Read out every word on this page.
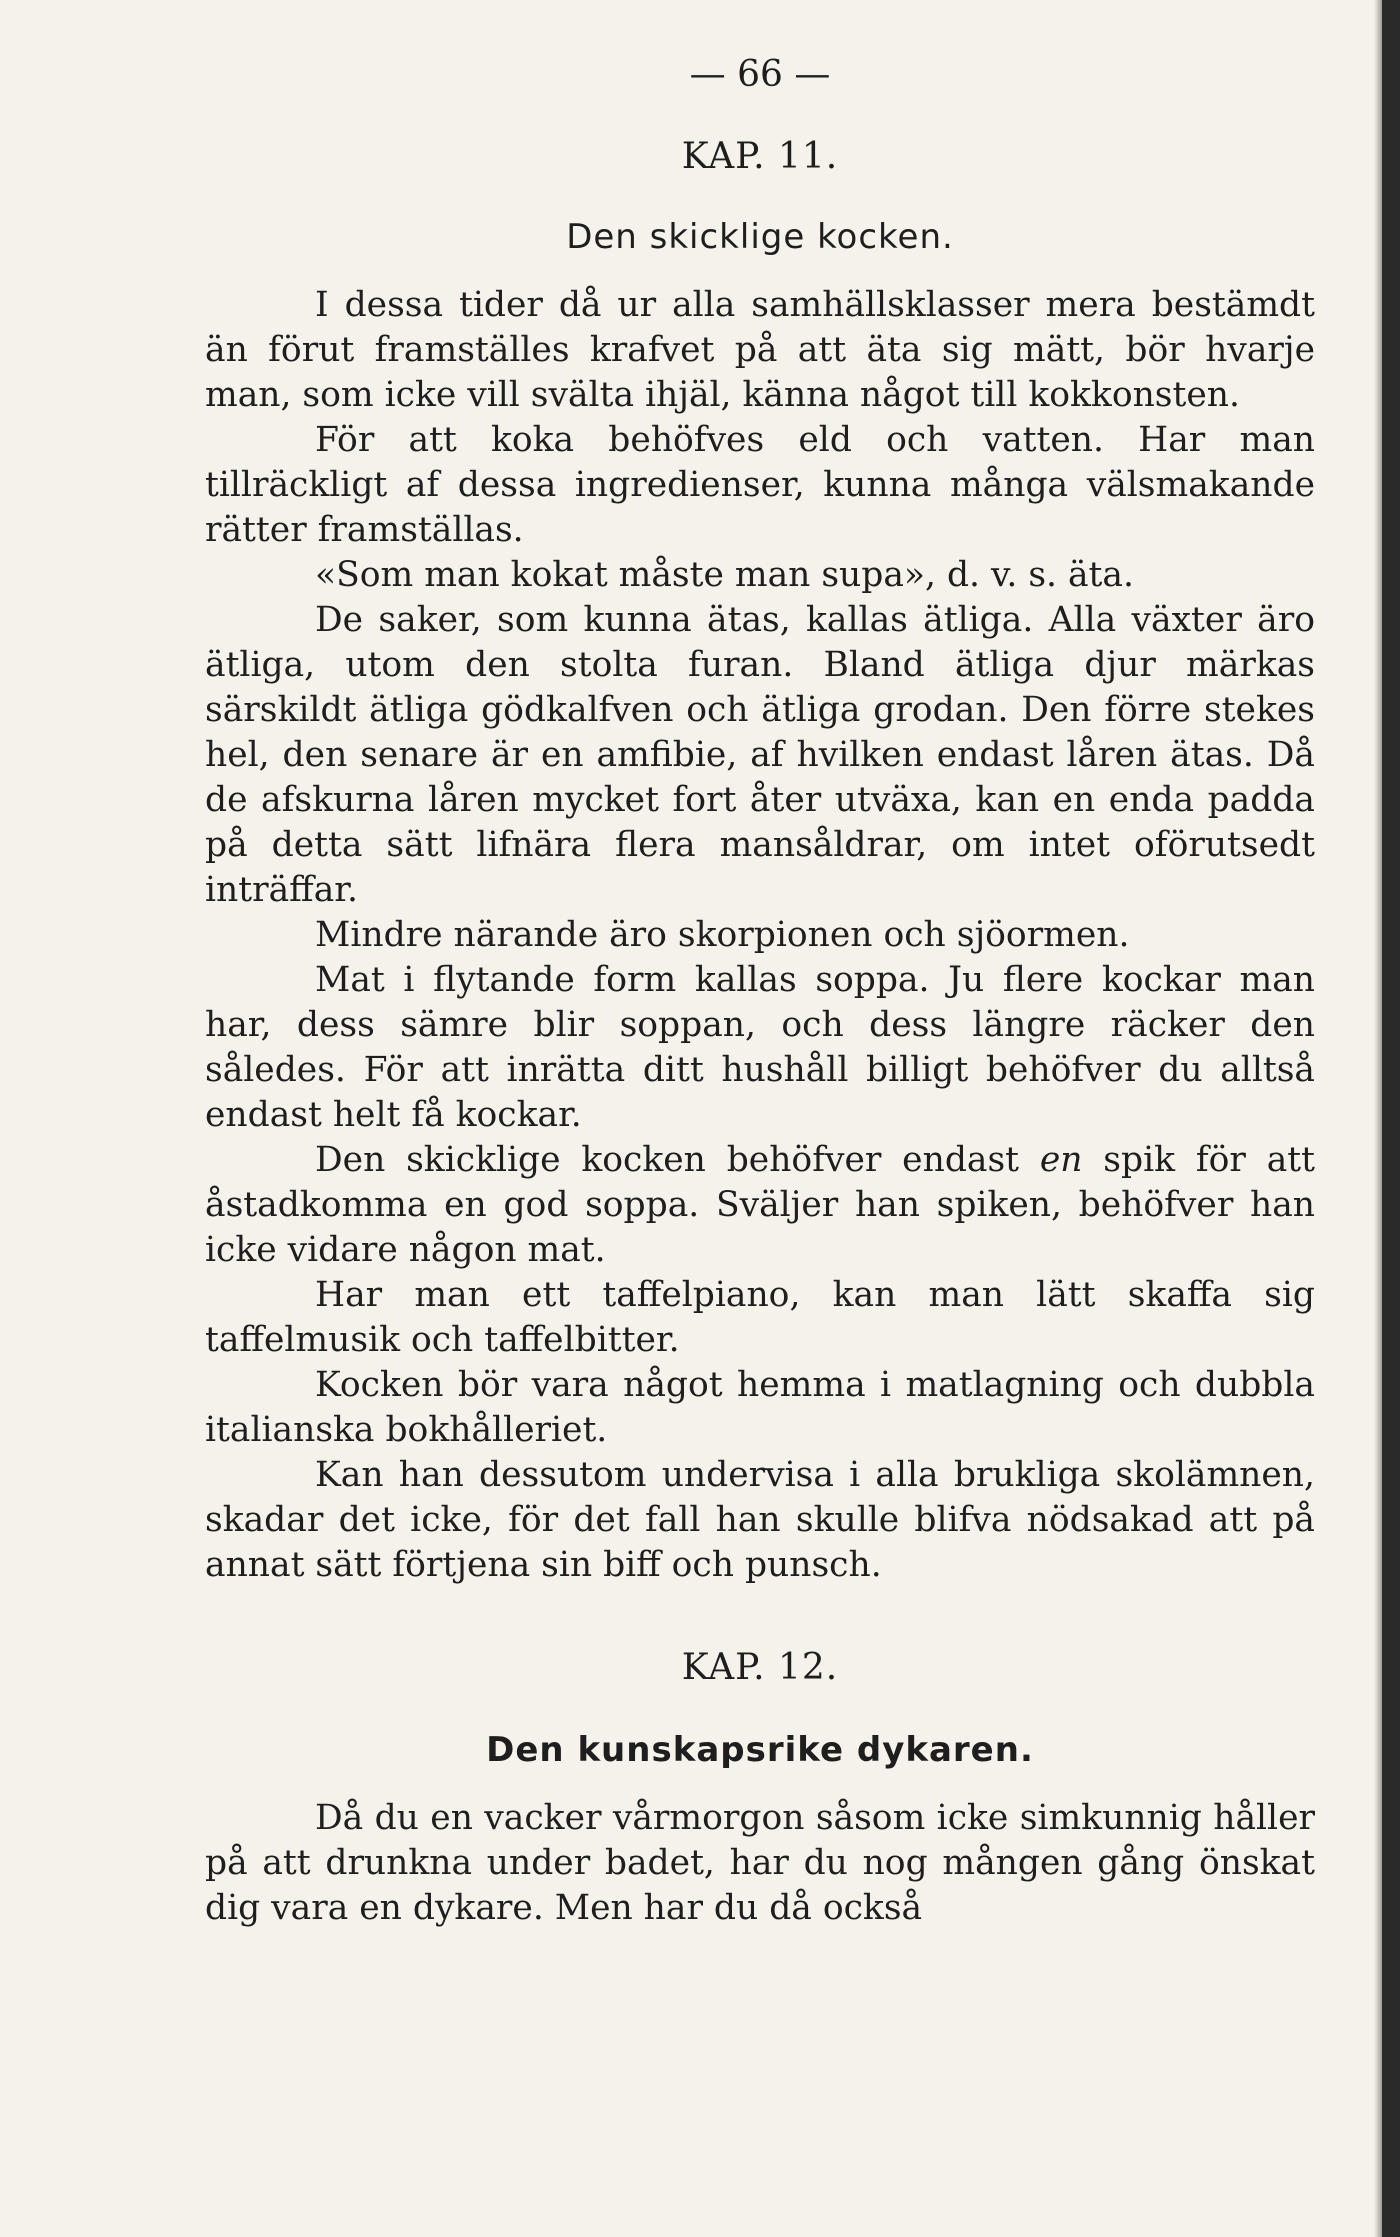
— 66 —
KAP. 11.
Den skicklige kocken.

I dessa tider då ur alla samhällsklasser mera bestämdt än förut framställes krafvet på att äta sig mätt, bör hvarje man, som icke vill svälta ihjäl, känna något till kokkonsten.

För att koka behöfves eld och vatten. Har man tillräckligt af dessa ingredienser, kunna många välsmakande rätter framställas.

«Som man kokat måste man supa», d. v. s. äta.

De saker, som kunna ätas, kallas ätliga. Alla växter äro ätliga, utom den stolta furan. Bland ätliga djur märkas särskildt ätliga gödkalfven och ätliga grodan. Den förre stekes hel, den senare är en amfibie, af hvilken endast låren ätas. Då de afskurna låren mycket fort åter utväxa, kan en enda padda på detta sätt lifnära flera mansåldrar, om intet oförutsedt inträffar.

Mindre närande äro skorpionen och sjöormen.

Mat i flytande form kallas soppa. Ju flere kockar man har, dess sämre blir soppan, och dess längre räcker den således. För att inrätta ditt hushåll billigt behöfver du alltså endast helt få kockar.

Den skicklige kocken behöfver endast en spik för att åstadkomma en god soppa. Sväljer han spiken, behöfver han icke vidare någon mat.

Har man ett taffelpiano, kan man lätt skaffa sig taffelmusik och taffelbitter.

Kocken bör vara något hemma i matlagning och dubbla italianska bokhålleriet.

Kan han dessutom undervisa i alla brukliga skolämnen, skadar det icke, för det fall han skulle blifva nödsakad att på annat sätt förtjena sin biff och punsch.

KAP. 12.
Den kunskapsrike dykaren.

Då du en vacker vårmorgon såsom icke simkunnig håller på att drunkna under badet, har du nog mången gång önskat dig vara en dykare. Men har du då också
